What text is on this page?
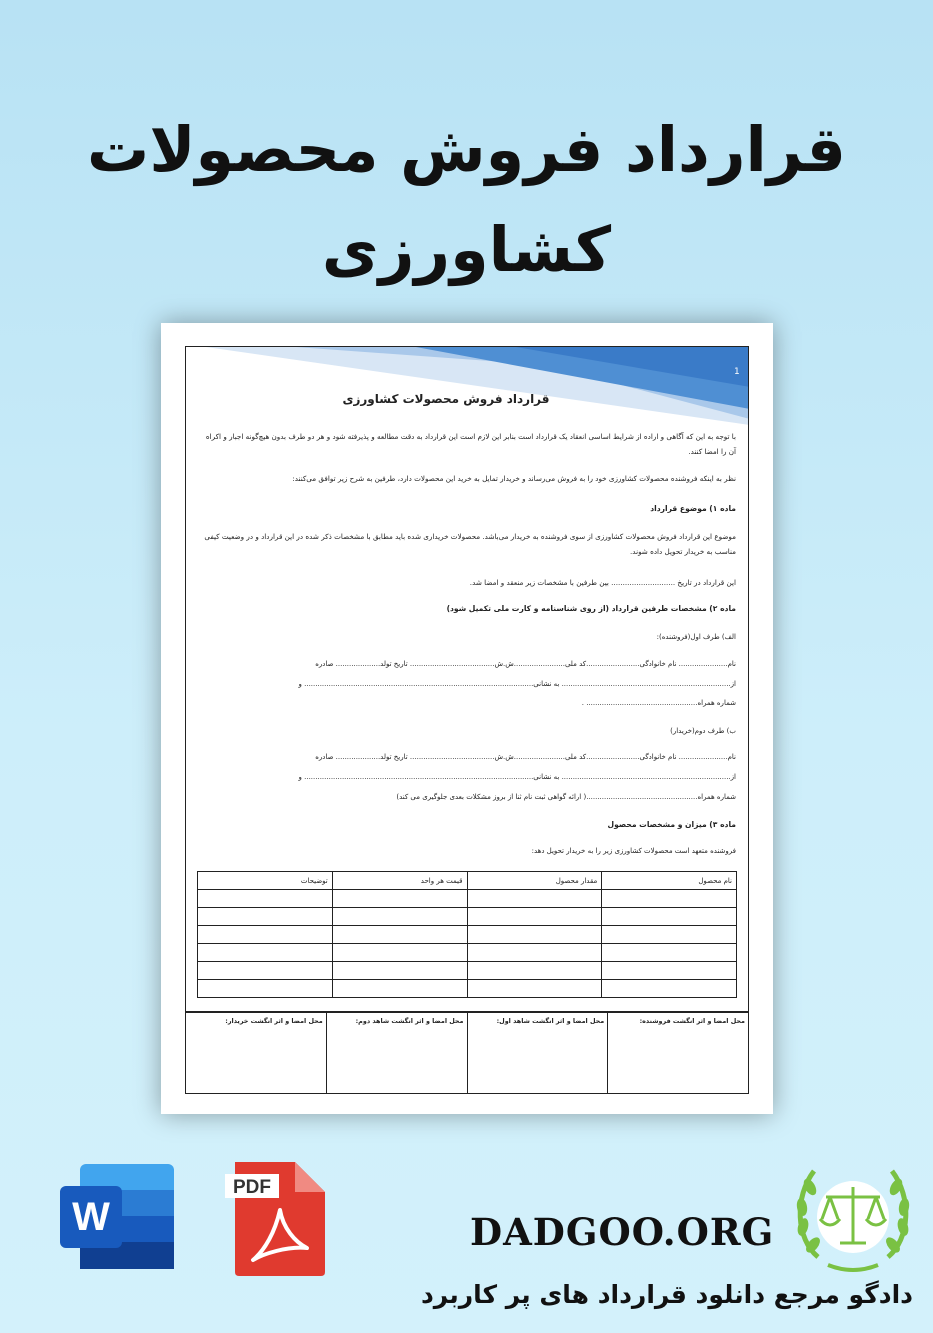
قرارداد فروش محصولات کشاورزی
1
قرارداد فروش محصولات کشاورزی
با توجه به این که آگاهی و اراده از شرایط اساسی انعقاد یک قرارداد است بنابر این لازم است این قرارداد به دقت مطالعه و پذیرفته شود و هر دو طرف بدون هیچ‌گونه اجبار و اکراه آن را امضا کنند.
نظر به اینکه فروشنده محصولات کشاورزی خود را به فروش می‌رساند و خریدار تمایل به خرید این محصولات دارد، طرفین به شرح زیر توافق می‌کنند:
ماده ۱) موضوع قرارداد
موضوع این قرارداد فروش محصولات کشاورزی از سوی فروشنده به خریدار می‌باشد. محصولات خریداری شده باید مطابق با مشخصات ذکر شده در این قرارداد و در وضعیت کیفی مناسب به خریدار تحویل داده شوند.
این قرارداد در تاریخ ............................ بین طرفین با مشخصات زیر منعقد و امضا شد.
ماده ۲) مشخصات طرفین قرارداد (از روی شناسنامه و کارت ملی تکمیل شود)
الف) طرف اول(فروشنده):
نام...................... نام خانوادگی........................کد ملی.......................ش.ش...................................... تاریخ تولد.................... صادره
از............................................................................ به نشانی....................................................................................................... و
شماره همراه.................................................. .
ب) طرف دوم(خریدار)
نام...................... نام خانوادگی........................کد ملی.......................ش.ش...................................... تاریخ تولد.................... صادره
از............................................................................ به نشانی....................................................................................................... و
شماره همراه..................................................( ارائه گواهی ثبت نام ثنا از بروز مشکلات بعدی جلوگیری می کند)
ماده ۳) میزان و مشخصات محصول
فروشنده متعهد است محصولات کشاورزی زیر را به خریدار تحویل دهد:
نام محصول	مقدار محصول	قیمت هر واحد	توضیحات

محل امضا و اثر انگشت فروشنده:
محل امضا و اثر انگشت شاهد اول:
محل امضا و اثر انگشت شاهد دوم:
محل امضا و اثر انگشت خریدار:
W
PDF
DADGOO.ORG
دادگو مرجع دانلود قرارداد های پر کاربرد
